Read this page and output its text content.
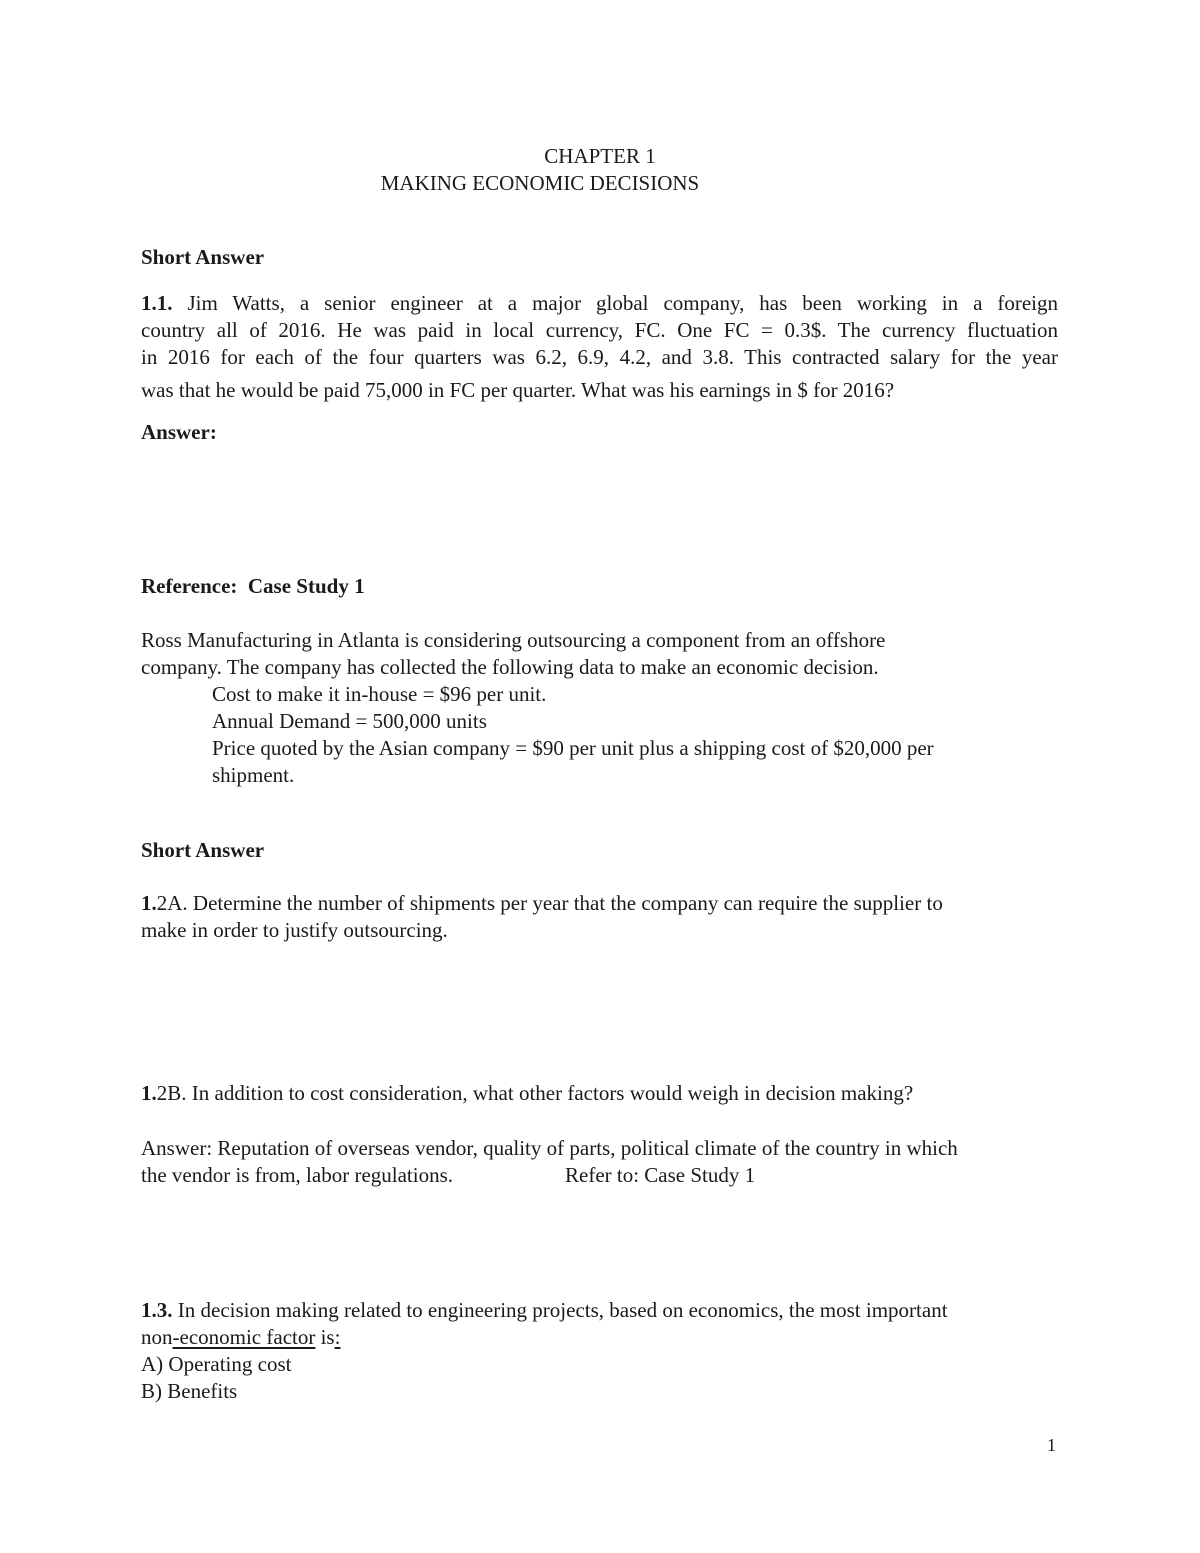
CHAPTER 1
MAKING ECONOMIC DECISIONS
Short Answer
1.1. Jim Watts, a senior engineer at a major global company, has been working in a foreign
country all of 2016. He was paid in local currency, FC. One FC = 0.3$. The currency fluctuation
in 2016 for each of the four quarters was 6.2, 6.9, 4.2, and 3.8. This contracted salary for the year
was that he would be paid 75,000 in FC per quarter. What was his earnings in $ for 2016?
Answer:
Reference:  Case Study 1
Ross Manufacturing in Atlanta is considering outsourcing a component from an offshore
company. The company has collected the following data to make an economic decision.
Cost to make it in-house = $96 per unit.
Annual Demand = 500,000 units
Price quoted by the Asian company = $90 per unit plus a shipping cost of $20,000 per
shipment.
Short Answer
1.2A. Determine the number of shipments per year that the company can require the supplier to
make in order to justify outsourcing.
1.2B. In addition to cost consideration, what other factors would weigh in decision making?
Answer: Reputation of overseas vendor, quality of parts, political climate of the country in which
the vendor is from, labor regulations.	Refer to: Case Study 1
1.3. In decision making related to engineering projects, based on economics, the most important
non-economic factor is:
A) Operating cost
B) Benefits
1
